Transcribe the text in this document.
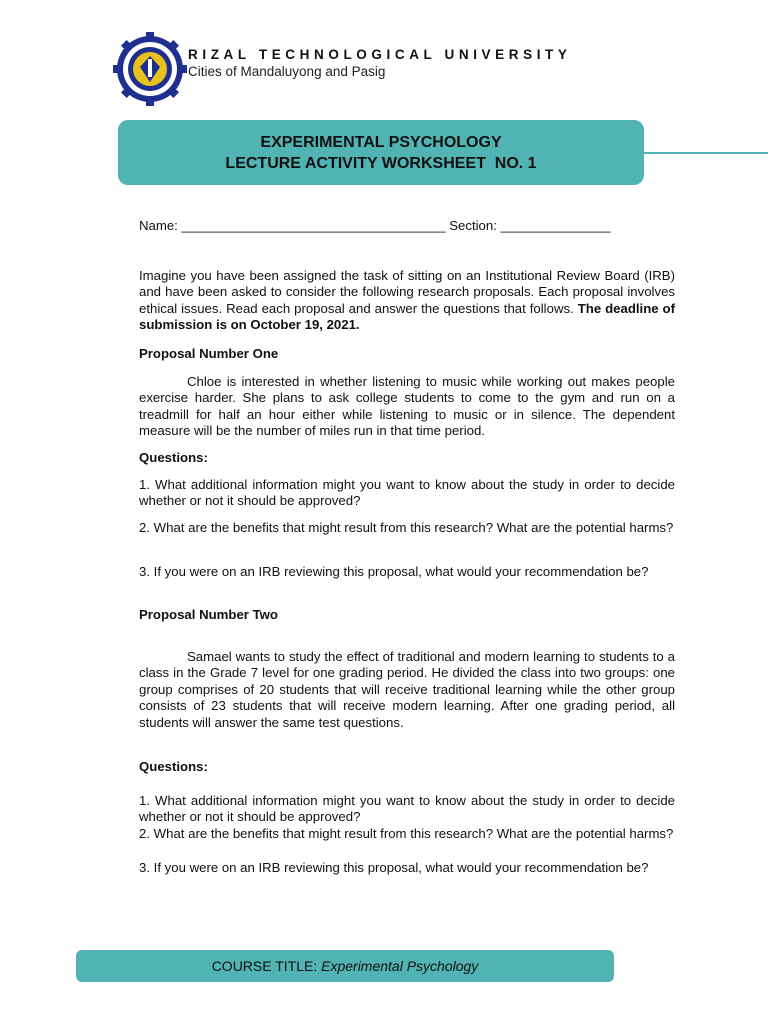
RIZAL TECHNOLOGICAL UNIVERSITY
Cities of Mandaluyong and Pasig
EXPERIMENTAL PSYCHOLOGY
LECTURE ACTIVITY WORKSHEET  NO. 1
Name: ____________________________________ Section: _______________
Imagine you have been assigned the task of sitting on an Institutional Review Board (IRB) and have been asked to consider the following research proposals. Each proposal involves ethical issues. Read each proposal and answer the questions that follows. The deadline of submission is on October 19, 2021.
Proposal Number One
Chloe is interested in whether listening to music while working out makes people exercise harder. She plans to ask college students to come to the gym and run on a treadmill for half an hour either while listening to music or in silence. The dependent measure will be the number of miles run in that time period.
Questions:
1. What additional information might you want to know about the study in order to decide whether or not it should be approved?
2. What are the benefits that might result from this research? What are the potential harms?
3. If you were on an IRB reviewing this proposal, what would your recommendation be?
Proposal Number Two
Samael wants to study the effect of traditional and modern learning to students to a class in the Grade 7 level for one grading period. He divided the class into two groups: one group comprises of 20 students that will receive traditional learning while the other group consists of 23 students that will receive modern learning. After one grading period, all students will answer the same test questions.
Questions:
1. What additional information might you want to know about the study in order to decide whether or not it should be approved?
2. What are the benefits that might result from this research? What are the potential harms?
3. If you were on an IRB reviewing this proposal, what would your recommendation be?
COURSE TITLE:
Experimental Psychology
